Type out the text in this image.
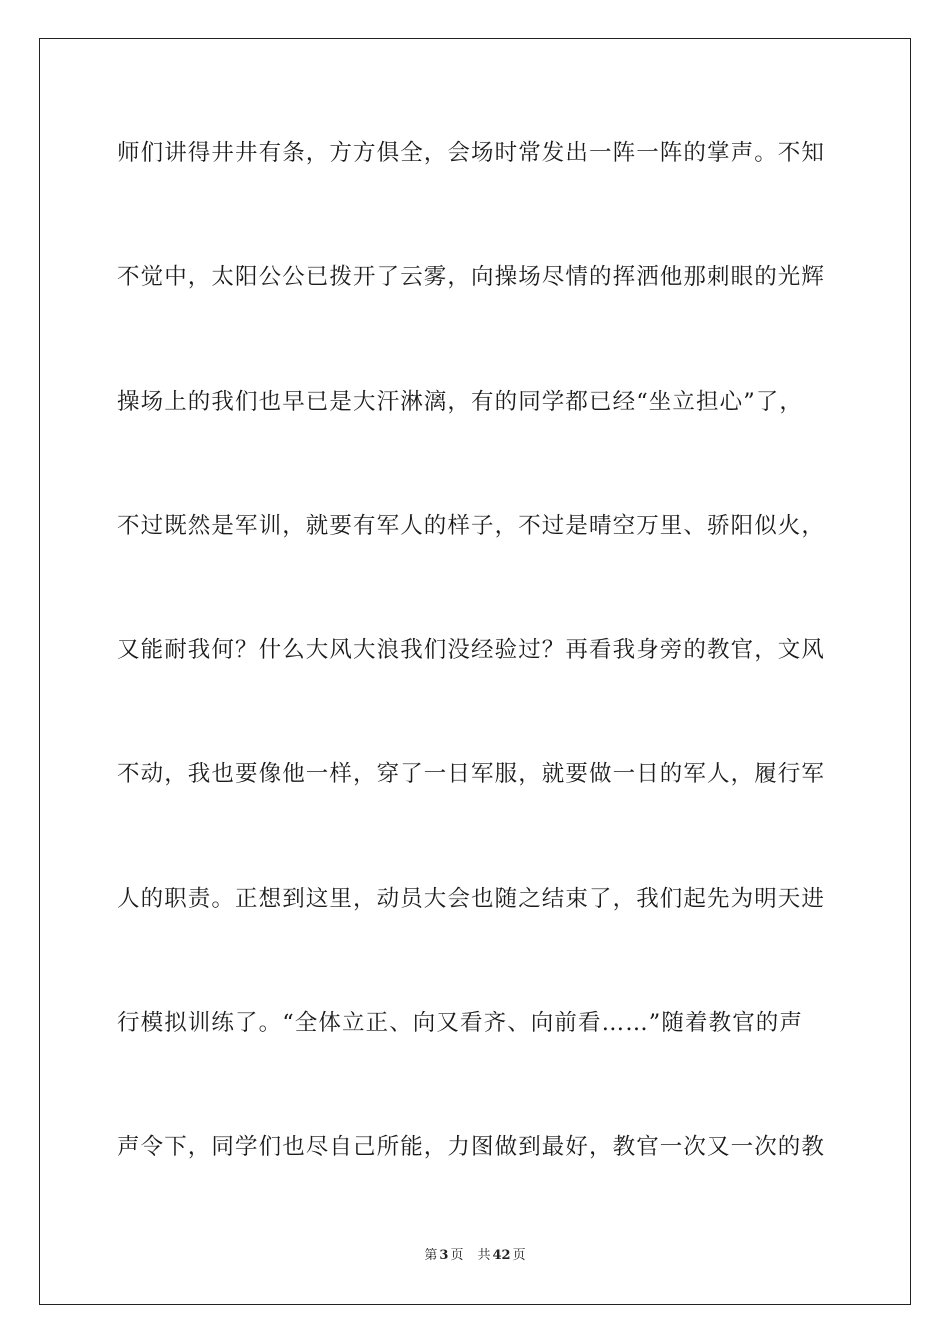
师们讲得井井有条，方方俱全，会场时常发出一阵一阵的掌声。不知
不觉中，太阳公公已拨开了云雾，向操场尽情的挥洒他那刺眼的光辉
操场上的我们也早已是大汗淋漓，有的同学都已经“坐立担心”了，
不过既然是军训，就要有军人的样子，不过是晴空万里、骄阳似火，
又能耐我何？什么大风大浪我们没经验过？再看我身旁的教官，文风
不动，我也要像他一样，穿了一日军服，就要做一日的军人，履行军
人的职责。正想到这里，动员大会也随之结束了，我们起先为明天进
行模拟训练了。“全体立正、向又看齐、向前看……”随着教官的声
声令下，同学们也尽自己所能，力图做到最好，教官一次又一次的教
第 3 页 共 42 页
